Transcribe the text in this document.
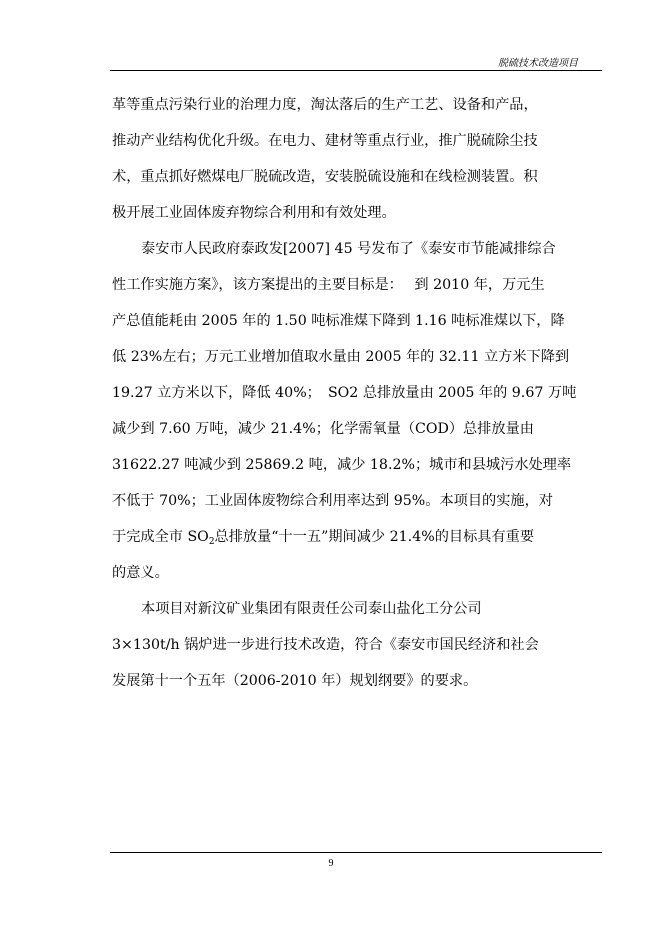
脱硫技术改造项目
革等重点污染行业的治理力度，淘汰落后的生产工艺、设备和产品，
推动产业结构优化升级。在电力、建材等重点行业，推广脱硫除尘技
术，重点抓好燃煤电厂脱硫改造，安装脱硫设施和在线检测装置。积
极开展工业固体废弃物综合利用和有效处理。
泰安市人民政府泰政发[2007] 45 号发布了《泰安市节能减排综合
性工作实施方案》，该方案提出的主要目标是：　 到 2010 年，万元生
产总值能耗由 2005 年的 1.50 吨标准煤下降到 1.16 吨标准煤以下，降
低 23%左右；万元工业增加值取水量由 2005 年的 32.11 立方米下降到
19.27 立方米以下，降低 40%；　SO2 总排放量由 2005 年的 9.67 万吨
减少到 7.60 万吨，减少 21.4%；化学需氧量（COD）总排放量由
31622.27 吨减少到 25869.2 吨，减少 18.2%；城市和县城污水处理率
不低于 70%；工业固体废物综合利用率达到 95%。本项目的实施，对
于完成全市 $SO_2$总排放量“十一五”期间减少 21.4%的目标具有重要
的意义。
本项目对新汶矿业集团有限责任公司泰山盐化工分公司
3×130t/h 锅炉进一步进行技术改造，符合《泰安市国民经济和社会
发展第十一个五年（2006-2010 年）规划纲要》的要求。
9
